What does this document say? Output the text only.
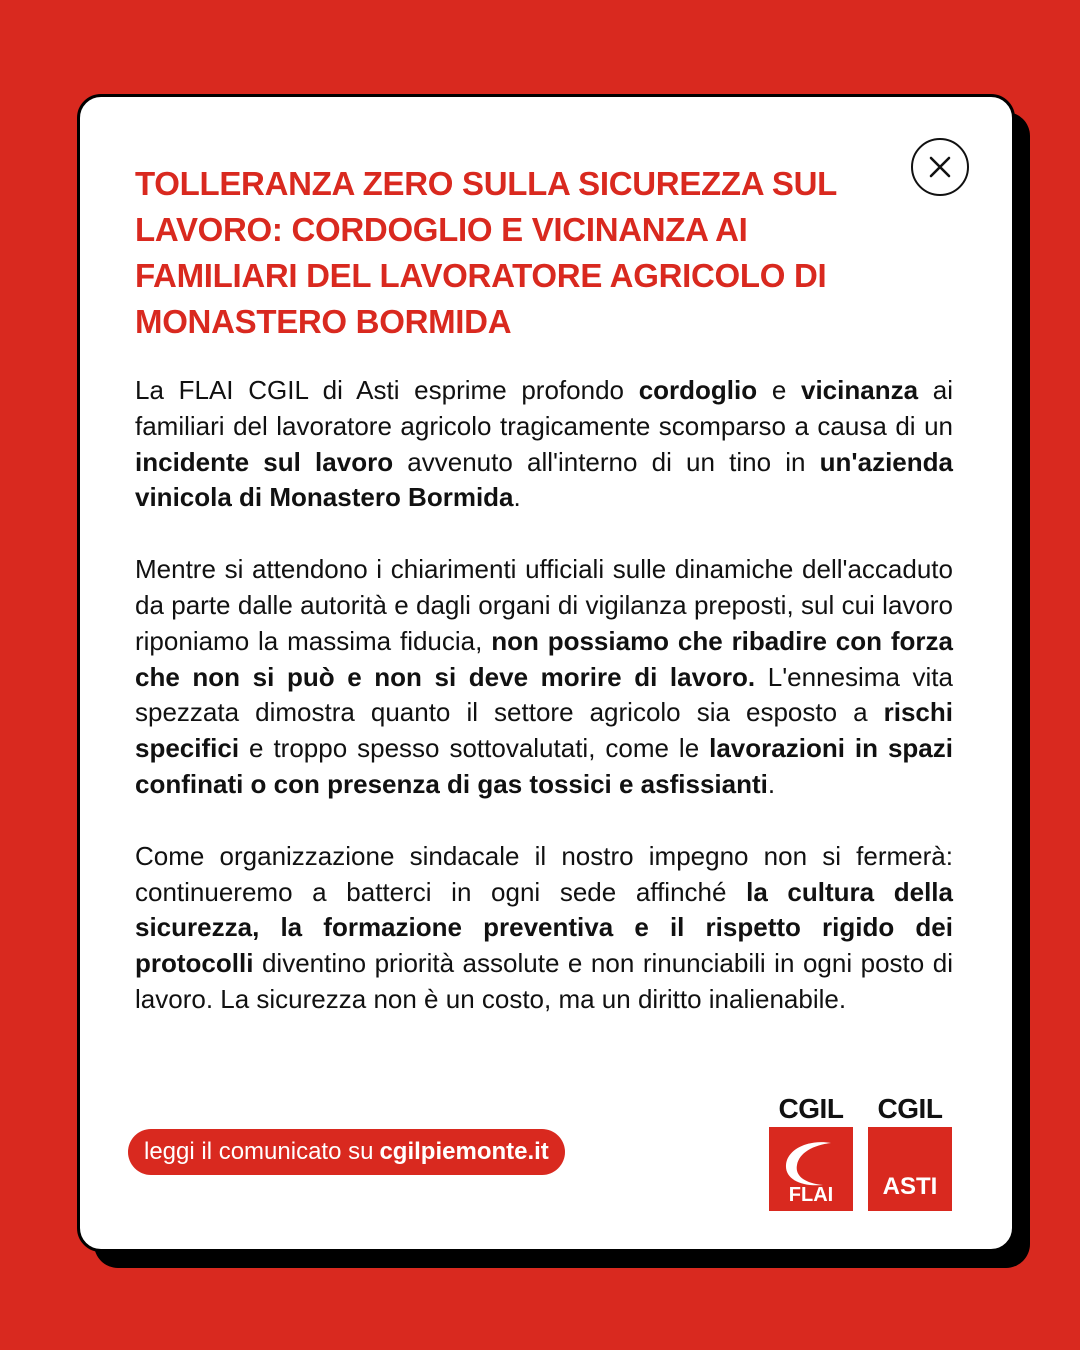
TOLLERANZA ZERO SULLA SICUREZZA SUL LAVORO: CORDOGLIO E VICINANZA AI FAMILIARI DEL LAVORATORE AGRICOLO DI MONASTERO BORMIDA

La FLAI CGIL di Asti esprime profondo cordoglio e vicinanza ai familiari del lavoratore agricolo tragicamente scomparso a causa di un incidente sul lavoro avvenuto all'interno di un tino in un'azienda vinicola di Monastero Bormida.

Mentre si attendono i chiarimenti ufficiali sulle dinamiche dell'accaduto da parte dalle autorità e dagli organi di vigilanza preposti, sul cui lavoro riponiamo la massima fiducia, non possiamo che ribadire con forza che non si può e non si deve morire di lavoro. L'ennesima vita spezzata dimostra quanto il settore agricolo sia esposto a rischi specifici e troppo spesso sottovalutati, come le lavorazioni in spazi confinati o con presenza di gas tossici e asfissianti.

Come organizzazione sindacale il nostro impegno non si fermerà: continueremo a batterci in ogni sede affinché la cultura della sicurezza, la formazione preventiva e il rispetto rigido dei protocolli diventino priorità assolute e non rinunciabili in ogni posto di lavoro. La sicurezza non è un costo, ma un diritto inalienabile.

leggi il comunicato su cgilpiemonte.it
CGIL
FLAI
CGIL
ASTI
